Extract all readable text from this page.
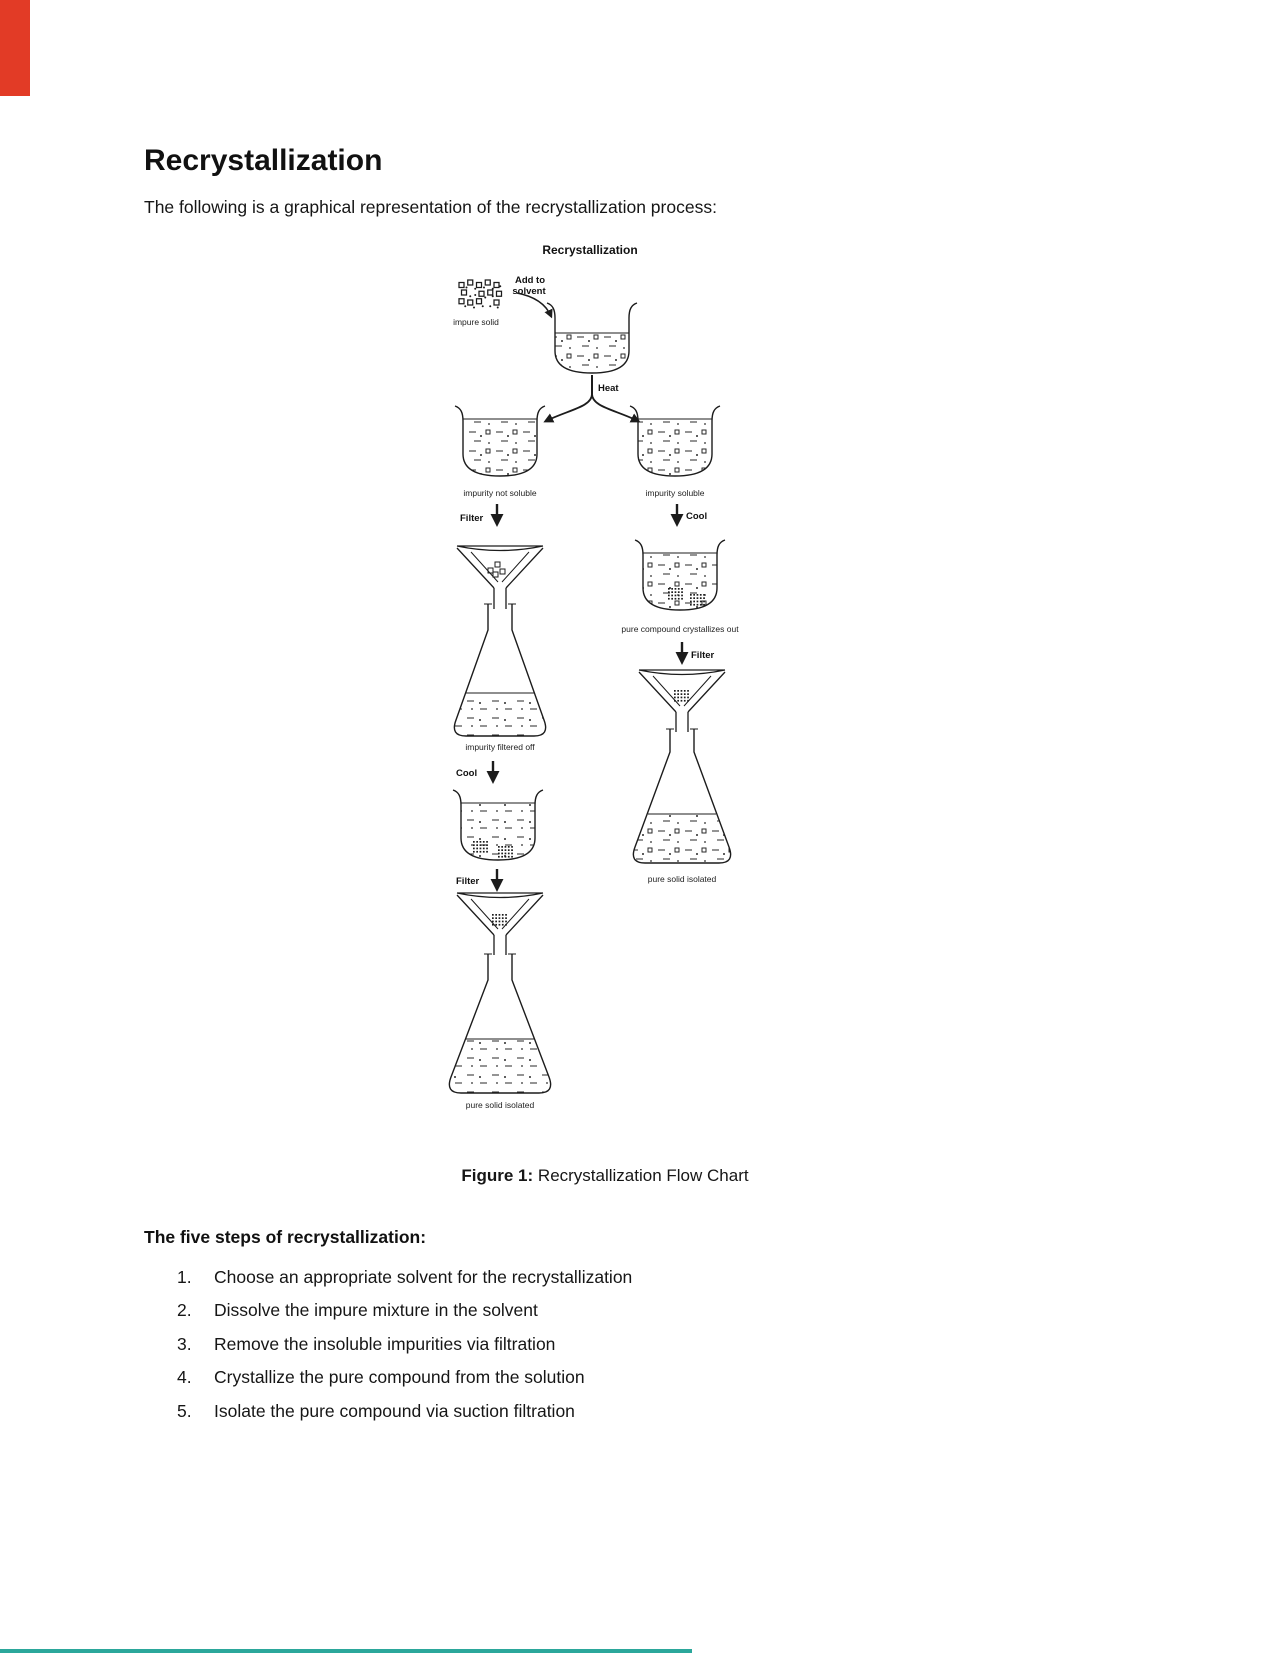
Recrystallization

The following is a graphical representation of the recrystallization process:

Recrystallization
Add to
solvent
impure solid
Heat
impurity not soluble	impurity soluble
Filter	Cool
impurity filtered off
Cool
Filter
pure solid isolated
pure compound crystallizes out
Filter
pure solid isolated
Figure 1: Recrystallization Flow Chart
The five steps of recrystallization:
1.	Choose an appropriate solvent for the recrystallization
2.	Dissolve the impure mixture in the solvent
3.	Remove the insoluble impurities via filtration
4.	Crystallize the pure compound from the solution
5.	Isolate the pure compound via suction filtration
